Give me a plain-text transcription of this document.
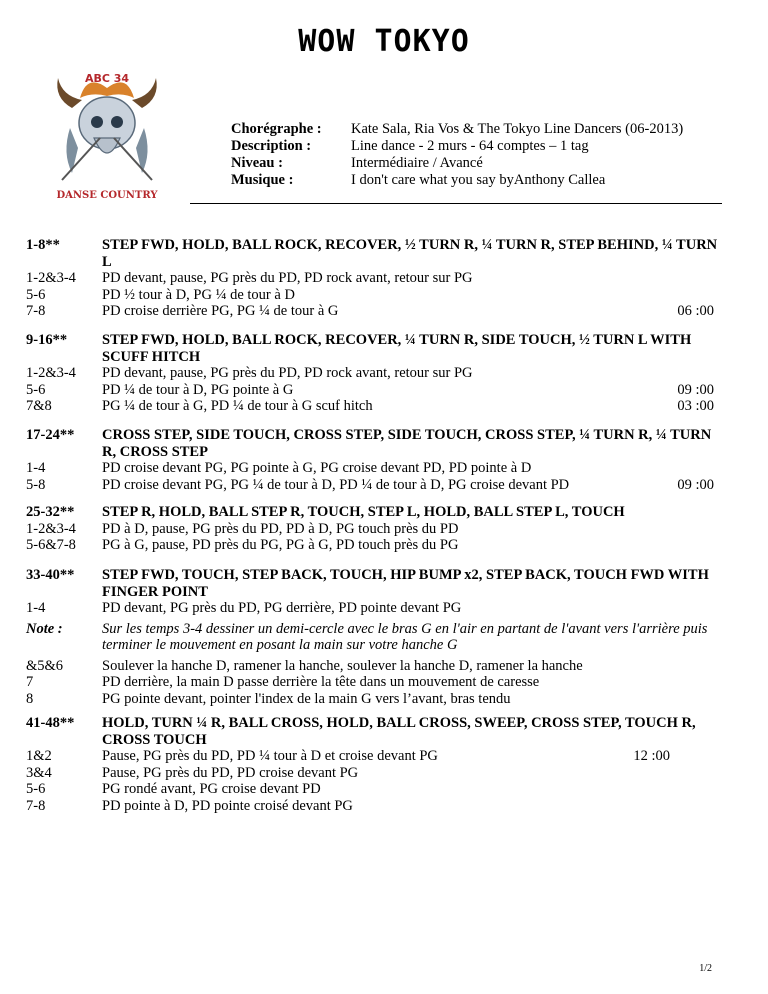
WOW TOKYO
ABC 34
DANSE COUNTRY
Chorégraphe :	Kate Sala, Ria Vos & The Tokyo Line Dancers (06-2013)
Description :	Line dance - 2 murs - 64 comptes – 1 tag
Niveau :	Intermédiaire / Avancé
Musique :	I don't care what you say byAnthony Callea
1-8**	STEP FWD, HOLD, BALL ROCK, RECOVER, ½ TURN R, ¼ TURN R, STEP BEHIND, ¼ TURN L
1-2&3-4	PD devant, pause, PG près du PD, PD rock avant, retour sur PG
5-6	PD ½ tour à D, PG ¼ de tour à D
7-8	PD croise derrière PG, PG ¼ de tour à G	06 :00
9-16**	STEP FWD, HOLD, BALL ROCK, RECOVER, ¼ TURN R, SIDE TOUCH, ½ TURN L WITH SCUFF HITCH
1-2&3-4	PD devant, pause, PG près du PD, PD rock avant, retour sur PG
5-6	PD ¼ de tour à D, PG pointe à G	09 :00
7&8	PG ¼ de tour à G, PD ¼ de tour à G scuf hitch	03 :00
17-24**	CROSS STEP, SIDE TOUCH, CROSS STEP, SIDE TOUCH, CROSS STEP, ¼ TURN R, ¼ TURN R, CROSS STEP
1-4	PD croise devant PG, PG pointe à G, PG croise devant PD, PD pointe à D
5-8	PD croise devant PG, PG ¼ de tour à D, PD ¼ de tour à D, PG croise devant PD	09 :00
25-32**	STEP R, HOLD, BALL STEP R, TOUCH, STEP L, HOLD, BALL STEP L, TOUCH
1-2&3-4	PD à D, pause, PG près du PD, PD à D, PG touch près du PD
5-6&7-8	PG à G, pause, PD près du PG, PG à G, PD touch près du PG
33-40**	STEP FWD, TOUCH, STEP BACK, TOUCH, HIP BUMP x2, STEP BACK, TOUCH FWD WITH FINGER POINT
1-4	PD devant, PG près du PD, PG derrière, PD pointe devant PG
Note :	Sur les temps 3-4 dessiner un demi-cercle avec le bras G en l'air en partant de l'avant vers l'arrière puis terminer le mouvement en posant la main sur votre hanche G
&5&6	Soulever la hanche D, ramener la hanche, soulever la hanche D, ramener la hanche
7	PD derrière, la main D passe derrière la tête dans un mouvement de caresse
8	PG pointe devant, pointer l'index de la main G vers l’avant, bras tendu
41-48**	HOLD, TURN ¼ R, BALL CROSS, HOLD, BALL CROSS, SWEEP, CROSS STEP, TOUCH R, CROSS TOUCH
1&2	Pause, PG près du PD, PD ¼ tour à D et croise devant PG	12 :00
3&4	Pause, PG près du PD, PD croise devant PG
5-6	PG rondé avant, PG croise devant PD
7-8	PD pointe à D, PD pointe croisé devant PG
1/2
